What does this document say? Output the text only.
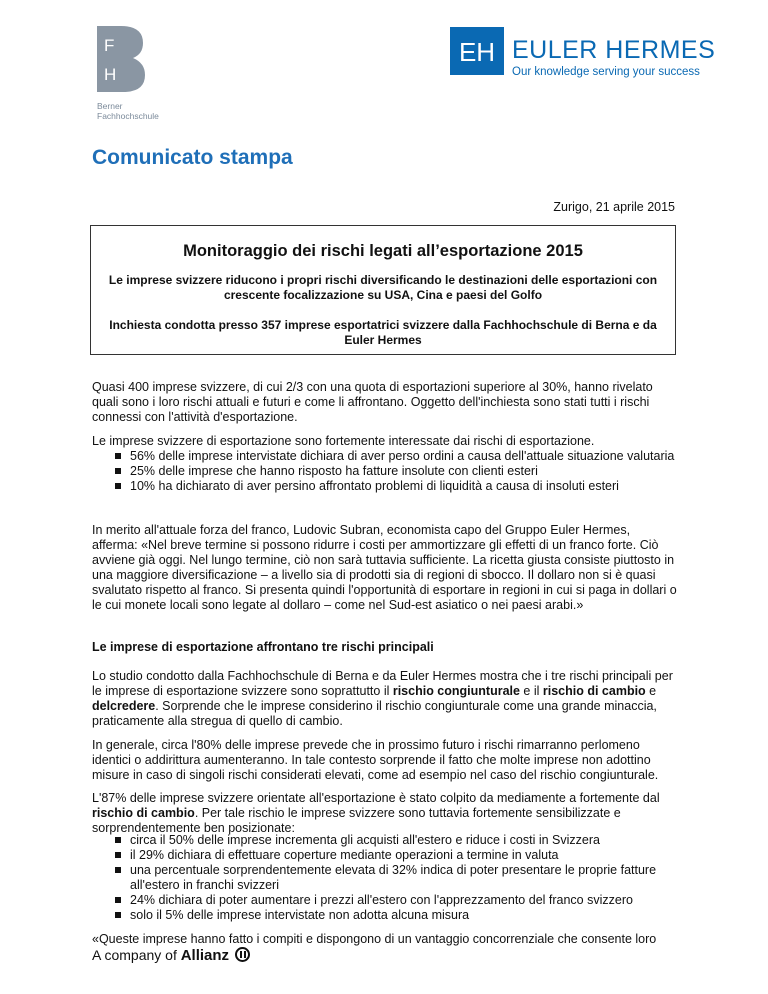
F
H
Berner
Fachhochschule
EH EULER HERMES
Our knowledge serving your success
Comunicato stampa
Zurigo, 21 aprile 2015
Monitoraggio dei rischi legati all’esportazione 2015
Le imprese svizzere riducono i propri rischi diversificando le destinazioni delle esportazioni con crescente focalizzazione su USA, Cina e paesi del Golfo
Inchiesta condotta presso 357 imprese esportatrici svizzere dalla Fachhochschule di Berna e da Euler Hermes
Quasi 400 imprese svizzere, di cui 2/3 con una quota di esportazioni superiore al 30%, hanno rivelato quali sono i loro rischi attuali e futuri e come li affrontano. Oggetto dell'inchiesta sono stati tutti i rischi connessi con l'attività d'esportazione.
Le imprese svizzere di esportazione sono fortemente interessate dai rischi di esportazione.
56% delle imprese intervistate dichiara di aver perso ordini a causa dell'attuale situazione valutaria
25% delle imprese che hanno risposto ha fatture insolute con clienti esteri
10% ha dichiarato di aver persino affrontato problemi di liquidità a causa di insoluti esteri
In merito all'attuale forza del franco, Ludovic Subran, economista capo del Gruppo Euler Hermes, afferma: «Nel breve termine si possono ridurre i costi per ammortizzare gli effetti di un franco forte. Ciò avviene già oggi. Nel lungo termine, ciò non sarà tuttavia sufficiente. La ricetta giusta consiste piuttosto in una maggiore diversificazione – a livello sia di prodotti sia di regioni di sbocco. Il dollaro non si è quasi svalutato rispetto al franco. Si presenta quindi l'opportunità di esportare in regioni in cui si paga in dollari o le cui monete locali sono legate al dollaro – come nel Sud-est asiatico o nei paesi arabi.»
Le imprese di esportazione affrontano tre rischi principali
Lo studio condotto dalla Fachhochschule di Berna e da Euler Hermes mostra che i tre rischi principali per le imprese di esportazione svizzere sono soprattutto il rischio congiunturale e il rischio di cambio e delcredere. Sorprende che le imprese considerino il rischio congiunturale come una grande minaccia, praticamente alla stregua di quello di cambio.
In generale, circa l'80% delle imprese prevede che in prossimo futuro i rischi rimarranno perlomeno identici o addirittura aumenteranno. In tale contesto sorprende il fatto che molte imprese non adottino misure in caso di singoli rischi considerati elevati, come ad esempio nel caso del rischio congiunturale.
L'87% delle imprese svizzere orientate all'esportazione è stato colpito da mediamente a fortemente dal rischio di cambio. Per tale rischio le imprese svizzere sono tuttavia fortemente sensibilizzate e sorprendentemente ben posizionate:
circa il 50% delle imprese incrementa gli acquisti all'estero e riduce i costi in Svizzera
il 29% dichiara di effettuare coperture mediante operazioni a termine in valuta
una percentuale sorprendentemente elevata di 32% indica di poter presentare le proprie fatture all'estero in franchi svizzeri
24% dichiara di poter aumentare i prezzi all'estero con l'apprezzamento del franco svizzero
solo il 5% delle imprese intervistate non adotta alcuna misura
«Queste imprese hanno fatto i compiti e dispongono di un vantaggio concorrenziale che consente loro
A company of Allianz
